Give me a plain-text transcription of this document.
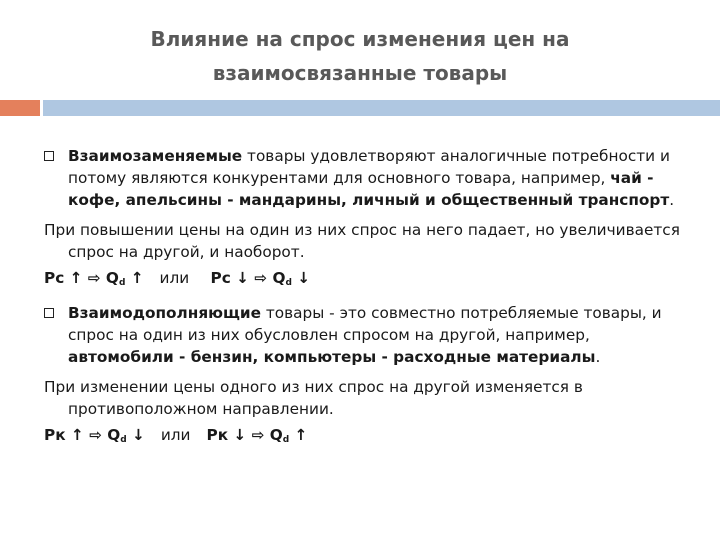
Влияние на спрос изменения цен на
взаимосвязанные товары
Взаимозаменяемые товары удовлетворяют аналогичные потребности и потому являются конкурентами для основного товара, например, чай - кофе, апельсины - мандарины, личный и общественный транспорт.
При повышении цены на один из них спрос на него падает, но увеличивается спрос на другой, и наоборот.
Pc ↑ ⇨ $Q_d$ ↑ или Pc ↓ ⇨ $Q_d$ ↓
Взаимодополняющие товары - это совместно потребляемые товары, и спрос на один из них обусловлен спросом на другой, например, автомобили - бензин, компьютеры - расходные материалы.
При изменении цены одного из них спрос на другой изменяется в противоположном направлении.
Pк ↑ ⇨ $Q_d$ ↓ или Pк ↓ ⇨ $Q_d$ ↑
